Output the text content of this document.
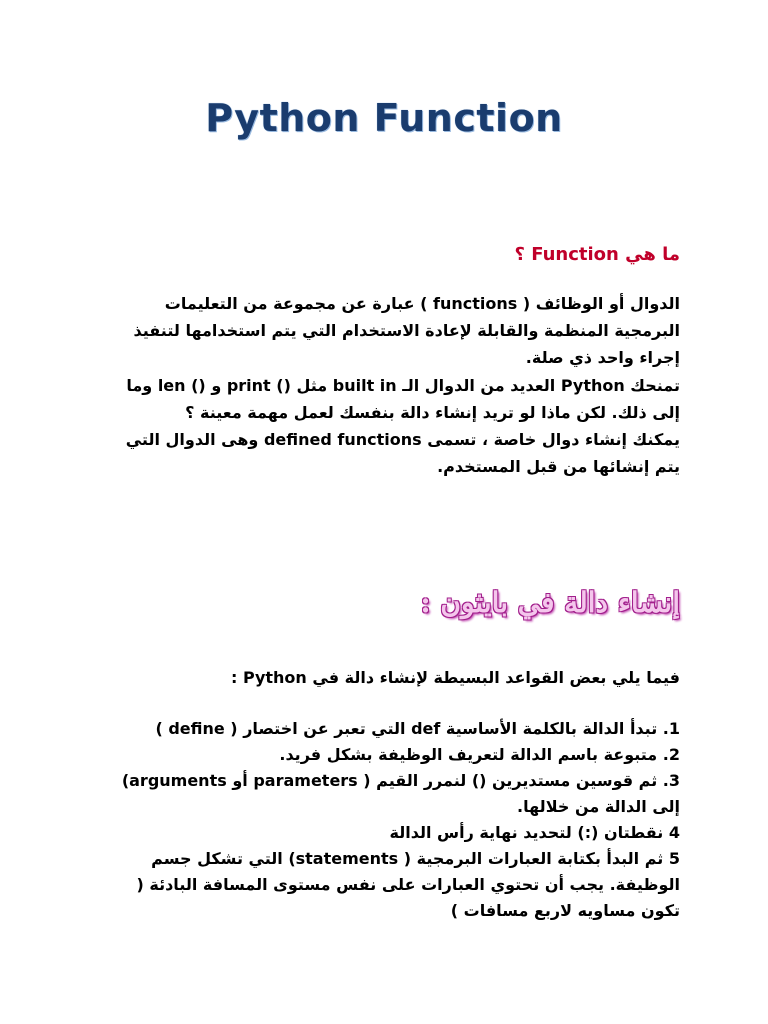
Python Function
ما هي Function ؟
الدوال أو الوظائف ( functions ) عبارة عن مجموعة من التعليمات البرمجية المنظمة والقابلة لإعادة الاستخدام التي يتم استخدامها لتنفيذ إجراء واحد ذي صلة.
تمنحك Python العديد من الدوال الـ built in مثل () print و () len وما إلى ذلك. لكن ماذا لو تريد إنشاء دالة بنفسك لعمل مهمة معينة ؟
يمكنك إنشاء دوال خاصة ، تسمى defined functions وهى الدوال التي يتم إنشائها من قبل المستخدم.
إنشاء دالة في بايثون :
فيما يلي بعض القواعد البسيطة لإنشاء دالة في Python :
1. تبدأ الدالة بالكلمة الأساسية def التي تعبر عن اختصار ( define )
2. متبوعة باسم الدالة لتعريف الوظيفة بشكل فريد.
3. ثم قوسين مستديرين () لنمرر القيم ( parameters أو arguments) إلى الدالة من خلالها.
4 نقطتان (:) لتحديد نهاية رأس الدالة
5 ثم البدأ بكتابة العبارات البرمجية ( statements) التي تشكل جسم الوظيفة. يجب أن تحتوي العبارات على نفس مستوى المسافة البادئة ( تكون مساويه لاربع مسافات )
